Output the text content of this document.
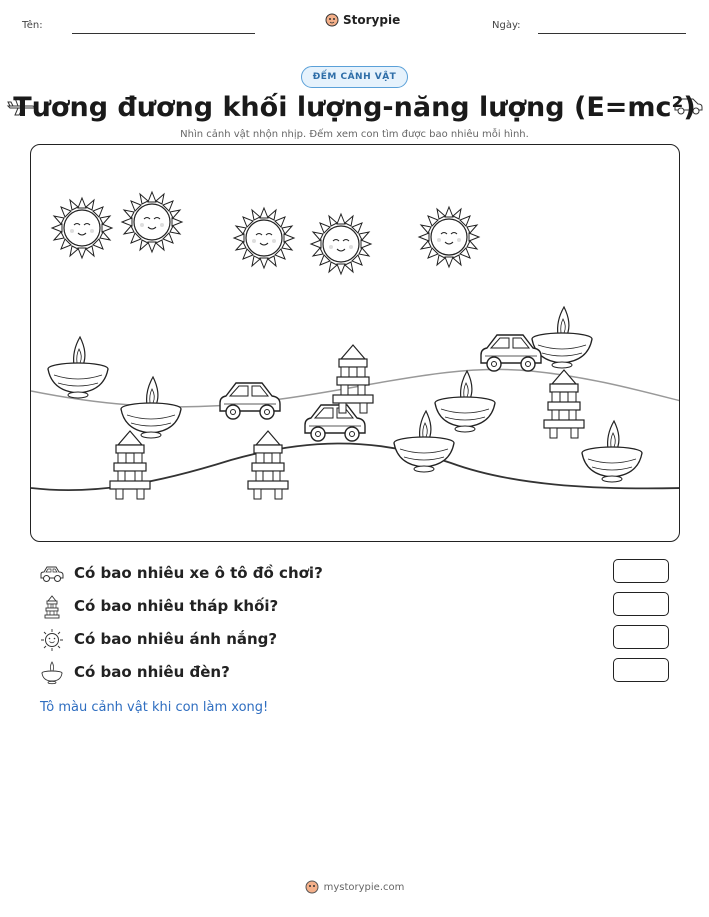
Tên:	Storypie	Ngày:
ĐẾM CẢNH VẬT
Tương đương khối lượng-năng lượng (E=mc²)
Nhìn cảnh vật nhộn nhịp. Đếm xem con tìm được bao nhiêu mỗi hình.
Có bao nhiêu xe ô tô đồ chơi?
Có bao nhiêu tháp khối?
Có bao nhiêu ánh nắng?
Có bao nhiêu đèn?
Tô màu cảnh vật khi con làm xong!
mystorypie.com
